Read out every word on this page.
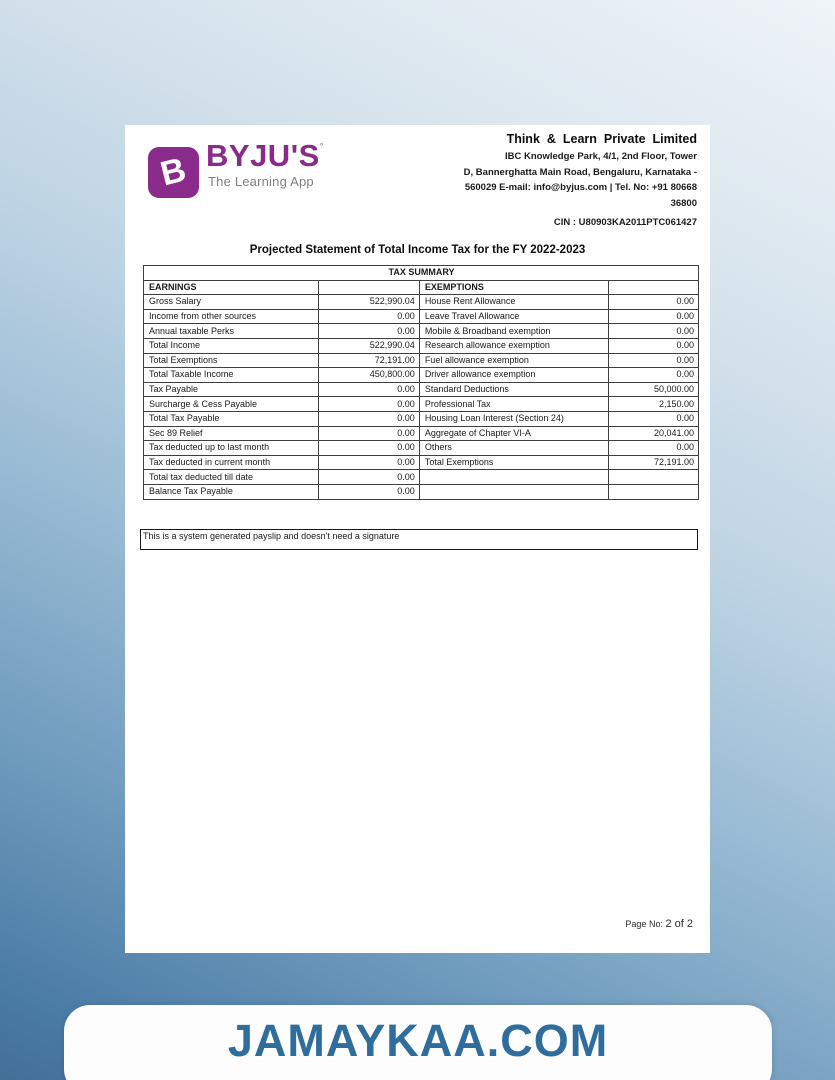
B BYJU'S°
The Learning App
Think & Learn Private Limited
IBC Knowledge Park, 4/1, 2nd Floor, Tower
D, Bannerghatta Main Road, Bengaluru, Karnataka -
560029 E-mail: info@byjus.com | Tel. No: +91 80668
36800
CIN : U80903KA2011PTC061427
Projected Statement of Total Income Tax for the FY 2022-2023
TAX SUMMARY			
EARNINGS		EXEMPTIONS	
Gross Salary	522,990.04	House Rent Allowance	0.00
Income from other sources	0.00	Leave Travel Allowance	0.00
Annual taxable Perks	0.00	Mobile & Broadband exemption	0.00
Total Income	522,990.04	Research allowance exemption	0.00
Total Exemptions	72,191.00	Fuel allowance exemption	0.00
Total Taxable Income	450,800.00	Driver allowance exemption	0.00
Tax Payable	0.00	Standard Deductions	50,000.00
Surcharge & Cess Payable	0.00	Professional Tax	2,150.00
Total Tax Payable	0.00	Housing Loan Interest (Section 24)	0.00
Sec 89 Relief	0.00	Aggregate of Chapter VI-A	20,041.00
Tax deducted up to last month	0.00	Others	0.00
Tax deducted in current month	0.00	Total Exemptions	72,191.00
Total tax deducted till date	0.00		
Balance Tax Payable	0.00		
This is a system generated payslip and doesn't need a signature
Page No: 2 of 2
JAMAYKAA.COM
